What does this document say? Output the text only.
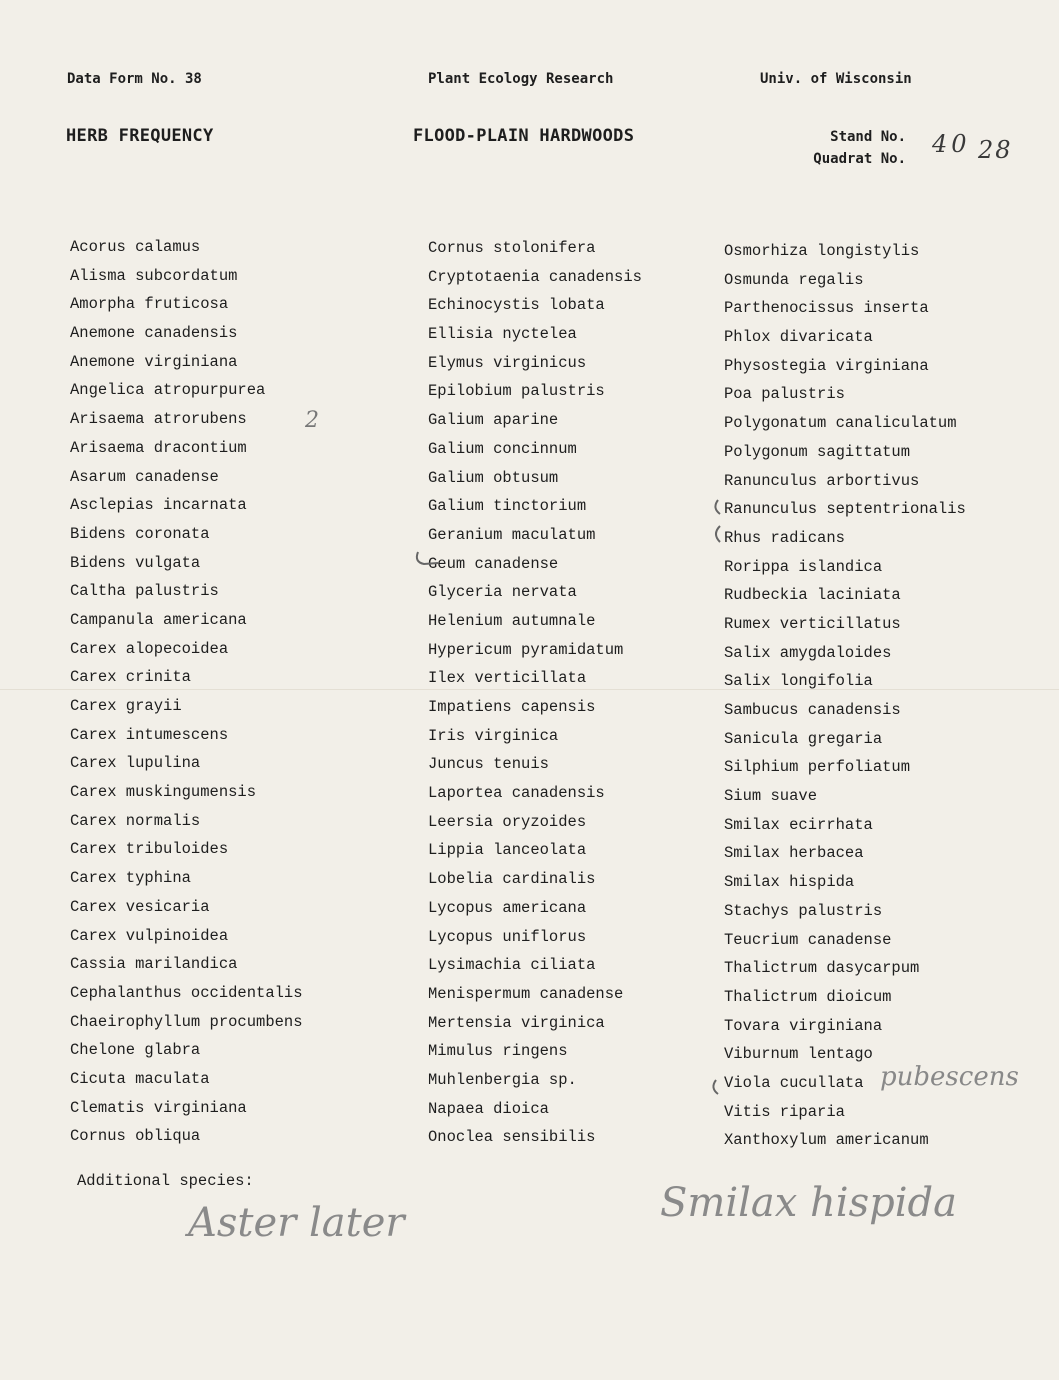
Data Form No. 38	Plant Ecology Research	Univ. of Wisconsin
HERB FREQUENCY	FLOOD-PLAIN HARDWOODS	Stand No.
Quadrat No.
40 28
Acorus calamus
Alisma subcordatum
Amorpha fruticosa
Anemone canadensis
Anemone virginiana
Angelica atropurpurea
Arisaema atrorubens
Arisaema dracontium
Asarum canadense
Asclepias incarnata
Bidens coronata
Bidens vulgata
Caltha palustris
Campanula americana
Carex alopecoidea
Carex crinita
Carex grayii
Carex intumescens
Carex lupulina
Carex muskingumensis
Carex normalis
Carex tribuloides
Carex typhina
Carex vesicaria
Carex vulpinoidea
Cassia marilandica
Cephalanthus occidentalis
Chaeirophyllum procumbens
Chelone glabra
Cicuta maculata
Clematis virginiana
Cornus obliqua
Cornus stolonifera
Cryptotaenia canadensis
Echinocystis lobata
Ellisia nyctelea
Elymus virginicus
Epilobium palustris
Galium aparine
Galium concinnum
Galium obtusum
Galium tinctorium
Geranium maculatum
Geum canadense
Glyceria nervata
Helenium autumnale
Hypericum pyramidatum
Ilex verticillata
Impatiens capensis
Iris virginica
Juncus tenuis
Laportea canadensis
Leersia oryzoides
Lippia lanceolata
Lobelia cardinalis
Lycopus americana
Lycopus uniflorus
Lysimachia ciliata
Menispermum canadense
Mertensia virginica
Mimulus ringens
Muhlenbergia sp.
Napaea dioica
Onoclea sensibilis
Osmorhiza longistylis
Osmunda regalis
Parthenocissus inserta
Phlox divaricata
Physostegia virginiana
Poa palustris
Polygonatum canaliculatum
Polygonum sagittatum
Ranunculus arbortivus
Ranunculus septentrionalis
Rhus radicans
Rorippa islandica
Rudbeckia laciniata
Rumex verticillatus
Salix amygdaloides
Salix longifolia
Sambucus canadensis
Sanicula gregaria
Silphium perfoliatum
Sium suave
Smilax ecirrhata
Smilax herbacea
Smilax hispida
Stachys palustris
Teucrium canadense
Thalictrum dasycarpum
Thalictrum dioicum
Tovara virginiana
Viburnum lentago
Viola cucullata
Vitis riparia
Xanthoxylum americanum
2
pubescens
Additional species:
Aster later	Smilax hispida
